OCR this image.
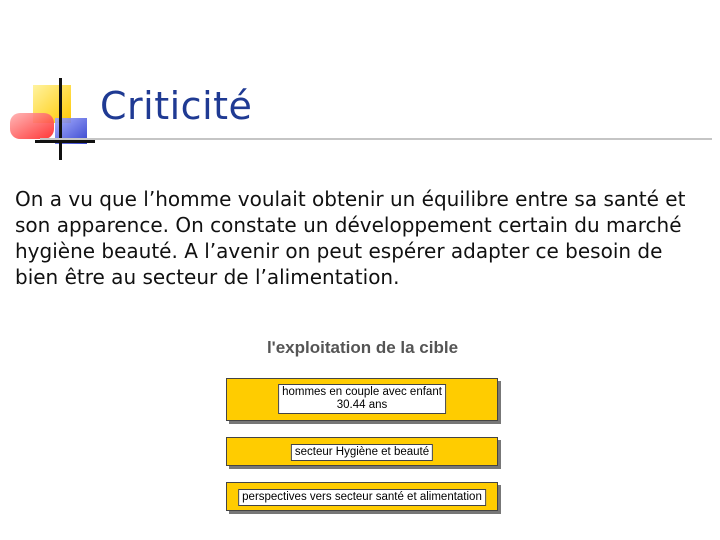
Criticité
On a vu que l’homme voulait obtenir un équilibre entre sa santé et son apparence. On constate un développement certain du marché hygiène beauté. A l’avenir on peut espérer adapter ce besoin de bien être au secteur de l’alimentation.
l'exploitation de la cible
hommes en couple avec enfant
30.44 ans
secteur Hygiène et beauté
perspectives vers secteur santé et alimentation
